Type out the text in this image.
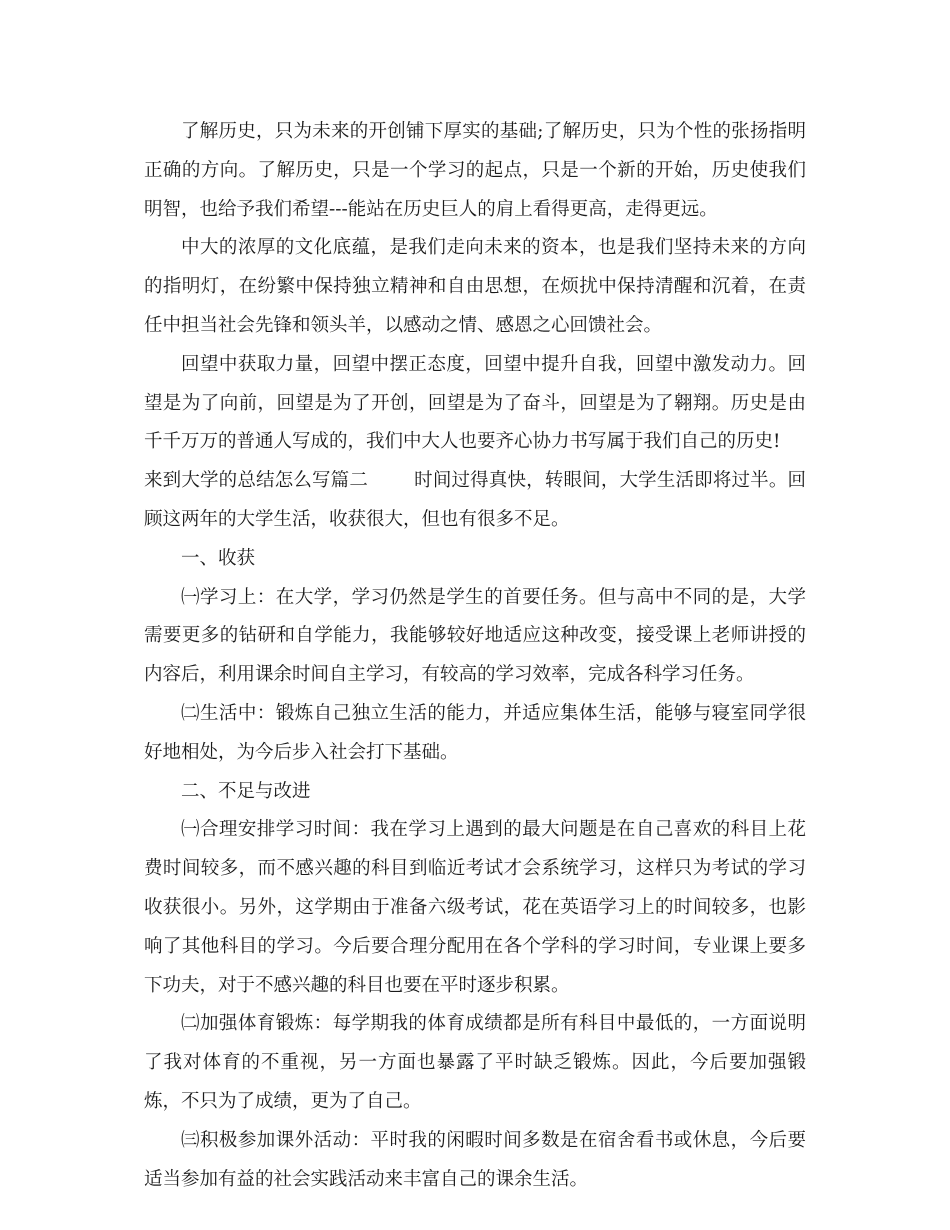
了解历史，只为未来的开创铺下厚实的基础;了解历史，只为个性的张扬指明正确的方向。了解历史，只是一个学习的起点，只是一个新的开始，历史使我们明智，也给予我们希望---能站在历史巨人的肩上看得更高，走得更远。

中大的浓厚的文化底蕴，是我们走向未来的资本，也是我们坚持未来的方向的指明灯，在纷繁中保持独立精神和自由思想，在烦扰中保持清醒和沉着，在责任中担当社会先锋和领头羊，以感动之情、感恩之心回馈社会。

回望中获取力量，回望中摆正态度，回望中提升自我，回望中激发动力。回望是为了向前，回望是为了开创，回望是为了奋斗，回望是为了翱翔。历史是由千千万万的普通人写成的，我们中大人也要齐心协力书写属于我们自己的历史!

来到大学的总结怎么写篇二 时间过得真快，转眼间，大学生活即将过半。回顾这两年的大学生活，收获很大，但也有很多不足。

一、收获

㈠学习上：在大学，学习仍然是学生的首要任务。但与高中不同的是，大学需要更多的钻研和自学能力，我能够较好地适应这种改变，接受课上老师讲授的内容后，利用课余时间自主学习，有较高的学习效率，完成各科学习任务。

㈡生活中：锻炼自己独立生活的能力，并适应集体生活，能够与寝室同学很好地相处，为今后步入社会打下基础。

二、不足与改进

㈠合理安排学习时间：我在学习上遇到的最大问题是在自己喜欢的科目上花费时间较多，而不感兴趣的科目到临近考试才会系统学习，这样只为考试的学习收获很小。另外，这学期由于准备六级考试，花在英语学习上的时间较多，也影响了其他科目的学习。今后要合理分配用在各个学科的学习时间，专业课上要多下功夫，对于不感兴趣的科目也要在平时逐步积累。

㈡加强体育锻炼：每学期我的体育成绩都是所有科目中最低的，一方面说明了我对体育的不重视，另一方面也暴露了平时缺乏锻炼。因此，今后要加强锻炼，不只为了成绩，更为了自己。

㈢积极参加课外活动：平时我的闲暇时间多数是在宿舍看书或休息，今后要适当参加有益的社会实践活动来丰富自己的课余生活。
